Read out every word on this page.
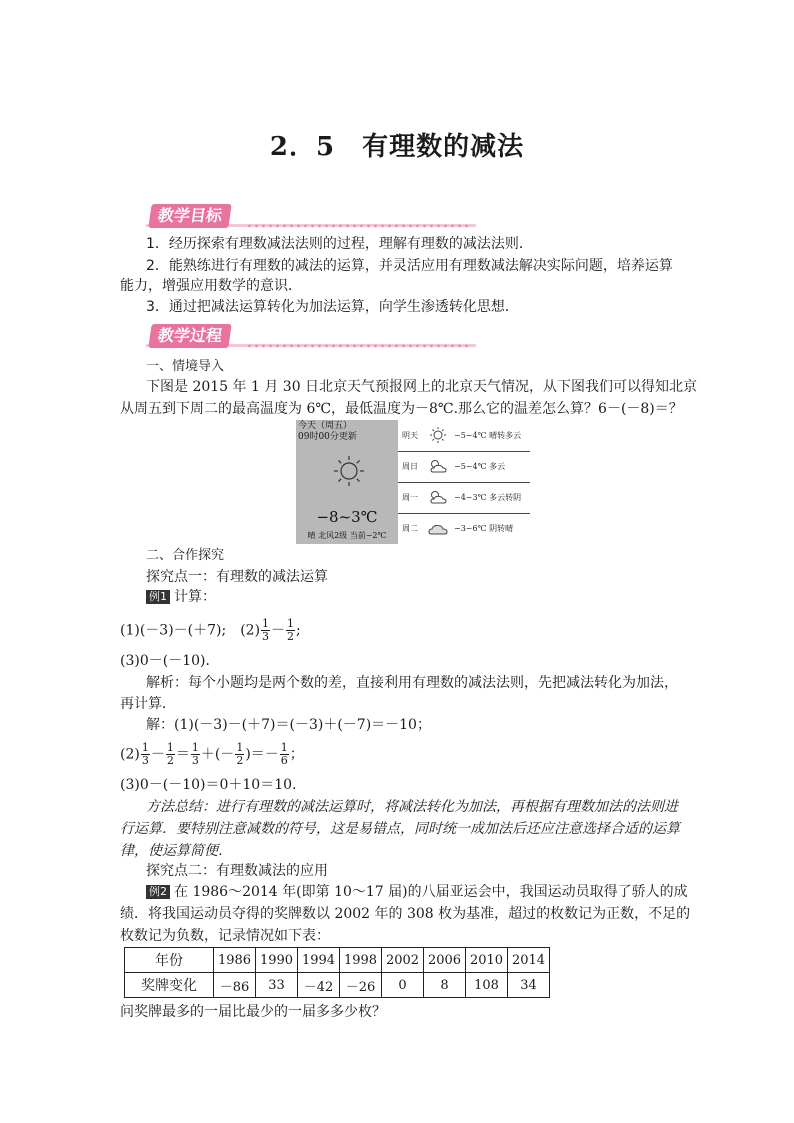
2．5　有理数的减法
教学目标
1．经历探索有理数减法法则的过程，理解有理数的减法法则．
2．能熟练进行有理数的减法的运算，并灵活应用有理数减法解决实际问题，培养运算
能力，增强应用数学的意识．
3．通过把减法运算转化为加法运算，向学生渗透转化思想．
教学过程
一、情境导入
下图是 2015 年 1 月 30 日北京天气预报网上的北京天气情况，从下图我们可以得知北京
从周五到下周二的最高温度为 6℃，最低温度为－8℃.那么它的温差怎么算？6－(－8)＝？
今天（周五）
09时00分更新
−8~3℃
晴 北风2级 当前−2℃
明天	−5~4℃ 晴转多云
周日	−5~4℃ 多云
周一	−4~3℃ 多云转阴
周二	−3~6℃ 阴转晴
二、合作探究
探究点一：有理数的减法运算
例1 计算：
(1)(－3)－(＋7);　$(2) \frac{1}{3} - \frac{1}{2}$ ;
(3)0－(－10)．
解析：每个小题均是两个数的差，直接利用有理数的减法法则，先把减法转化为加法，
再计算．
解：(1)(－3)－(＋7)＝(－3)＋(－7)＝－10；
$(2) \frac{1}{3} - \frac{1}{2} = \frac{1}{3}$ ＋(－ $\frac{1}{2}$ )＝－ $\frac{1}{6}$ ；
(3)0－(－10)＝0＋10＝10.
方法总结：进行有理数的减法运算时，将减法转化为加法，再根据有理数加法的法则进
行运算．要特别注意减数的符号，这是易错点，同时统一成加法后还应注意选择合适的运算
律，使运算简便．
探究点二：有理数减法的应用
例2 在 1986～2014 年(即第 10～17 届)的八届亚运会中，我国运动员取得了骄人的成
绩．将我国运动员夺得的奖牌数以 2002 年的 308 枚为基准，超过的枚数记为正数，不足的
枚数记为负数，记录情况如下表：
年份	1986	1990	1994	1998	2002	2006	2010	2014
奖牌变化	－86	33	－42	－26	0	8	108	34
问奖牌最多的一届比最少的一届多多少枚？
